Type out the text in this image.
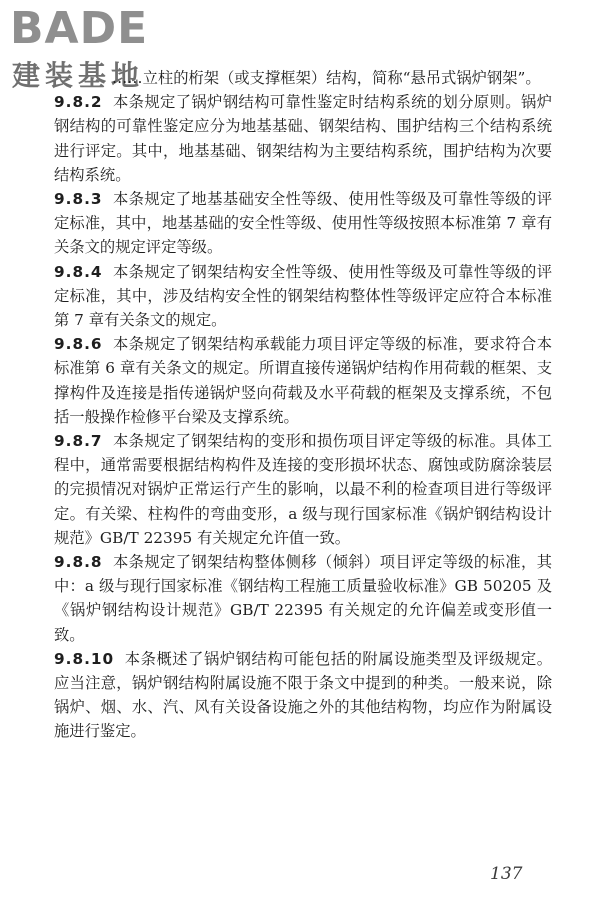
BADE
建装基地

……立柱的桁架（或支撑框架）结构，简称“悬吊式锅炉钢架”。

9.8.2 本条规定了锅炉钢结构可靠性鉴定时结构系统的划分原则。锅炉钢结构的可靠性鉴定应分为地基基础、钢架结构、围护结构三个结构系统进行评定。其中，地基基础、钢架结构为主要结构系统，围护结构为次要结构系统。

9.8.3 本条规定了地基基础安全性等级、使用性等级及可靠性等级的评定标准，其中，地基基础的安全性等级、使用性等级按照本标准第 7 章有关条文的规定评定等级。

9.8.4 本条规定了钢架结构安全性等级、使用性等级及可靠性等级的评定标准，其中，涉及结构安全性的钢架结构整体性等级评定应符合本标准第 7 章有关条文的规定。

9.8.6 本条规定了钢架结构承载能力项目评定等级的标准，要求符合本标准第 6 章有关条文的规定。所谓直接传递锅炉结构作用荷载的框架、支撑构件及连接是指传递锅炉竖向荷载及水平荷载的框架及支撑系统，不包括一般操作检修平台梁及支撑系统。

9.8.7 本条规定了钢架结构的变形和损伤项目评定等级的标准。具体工程中，通常需要根据结构构件及连接的变形损坏状态、腐蚀或防腐涂装层的完损情况对锅炉正常运行产生的影响，以最不利的检查项目进行等级评定。有关梁、柱构件的弯曲变形，a 级与现行国家标准《锅炉钢结构设计规范》GB/T 22395 有关规定允许值一致。

9.8.8 本条规定了钢架结构整体侧移（倾斜）项目评定等级的标准，其中：a 级与现行国家标准《钢结构工程施工质量验收标准》GB 50205 及《锅炉钢结构设计规范》GB/T 22395 有关规定的允许偏差或变形值一致。

9.8.10 本条概述了锅炉钢结构可能包括的附属设施类型及评级规定。应当注意，锅炉钢结构附属设施不限于条文中提到的种类。一般来说，除锅炉、烟、水、汽、风有关设备设施之外的其他结构物，均应作为附属设施进行鉴定。

137
